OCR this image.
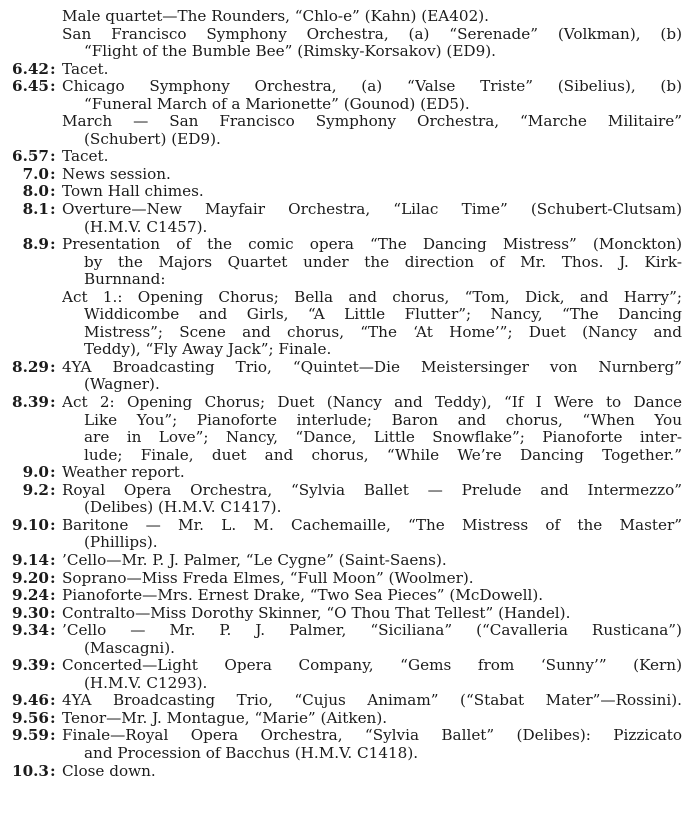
Male quartet—The Rounders, “Chlo-e” (Kahn) (EA402).
San Francisco Symphony Orchestra, (a) “Serenade” (Volkman), (b)
“Flight of the Bumble Bee” (Rimsky-Korsakov) (ED9).
6.42 : Tacet.
6.45 : Chicago Symphony Orchestra, (a) “Valse Triste” (Sibelius), (b)
“Funeral March of a Marionette” (Gounod) (ED5).
March — San Francisco Symphony Orchestra, “Marche Militaire”
(Schubert) (ED9).
6.57 : Tacet.
7.0 : News session.
8.0 : Town Hall chimes.
8.1 : Overture—New Mayfair Orchestra, “Lilac Time” (Schubert-Clutsam)
(H.M.V. C1457).
8.9 : Presentation of the comic opera “The Dancing Mistress” (Monckton)
by the Majors Quartet under the direction of Mr. Thos. J. Kirk-
Burnnand:
Act 1.: Opening Chorus; Bella and chorus, “Tom, Dick, and Harry”;
Widdicombe and Girls, “A Little Flutter”; Nancy, “The Dancing
Mistress”; Scene and chorus, “The ‘At Home’”; Duet (Nancy and
Teddy), “Fly Away Jack”; Finale.
8.29 : 4YA Broadcasting Trio, “Quintet—Die Meistersinger von Nurnberg”
(Wagner).
8.39 : Act 2: Opening Chorus; Duet (Nancy and Teddy), “If I Were to Dance
Like You”; Pianoforte interlude; Baron and chorus, “When You
are in Love”; Nancy, “Dance, Little Snowflake”; Pianoforte inter-
lude; Finale, duet and chorus, “While We’re Dancing Together.”
9.0 : Weather report.
9.2 : Royal Opera Orchestra, “Sylvia Ballet — Prelude and Intermezzo”
(Delibes) (H.M.V. C1417).
9.10 : Baritone — Mr. L. M. Cachemaille, “The Mistress of the Master”
(Phillips).
9.14 : ’Cello—Mr. P. J. Palmer, “Le Cygne” (Saint-Saens).
9.20 : Soprano—Miss Freda Elmes, “Full Moon” (Woolmer).
9.24 : Pianoforte—Mrs. Ernest Drake, “Two Sea Pieces” (McDowell).
9.30 : Contralto—Miss Dorothy Skinner, “O Thou That Tellest” (Handel).
9.34 : ’Cello — Mr. P. J. Palmer, “Siciliana” (“Cavalleria Rusticana”)
(Mascagni).
9.39 : Concerted—Light Opera Company, “Gems from ‘Sunny’” (Kern)
(H.M.V. C1293).
9.46 : 4YA Broadcasting Trio, “Cujus Animam” (“Stabat Mater”—Rossini).
9.56 : Tenor—Mr. J. Montague, “Marie” (Aitken).
9.59 : Finale—Royal Opera Orchestra, “Sylvia Ballet” (Delibes): Pizzicato
and Procession of Bacchus (H.M.V. C1418).
10.3 : Close down.
